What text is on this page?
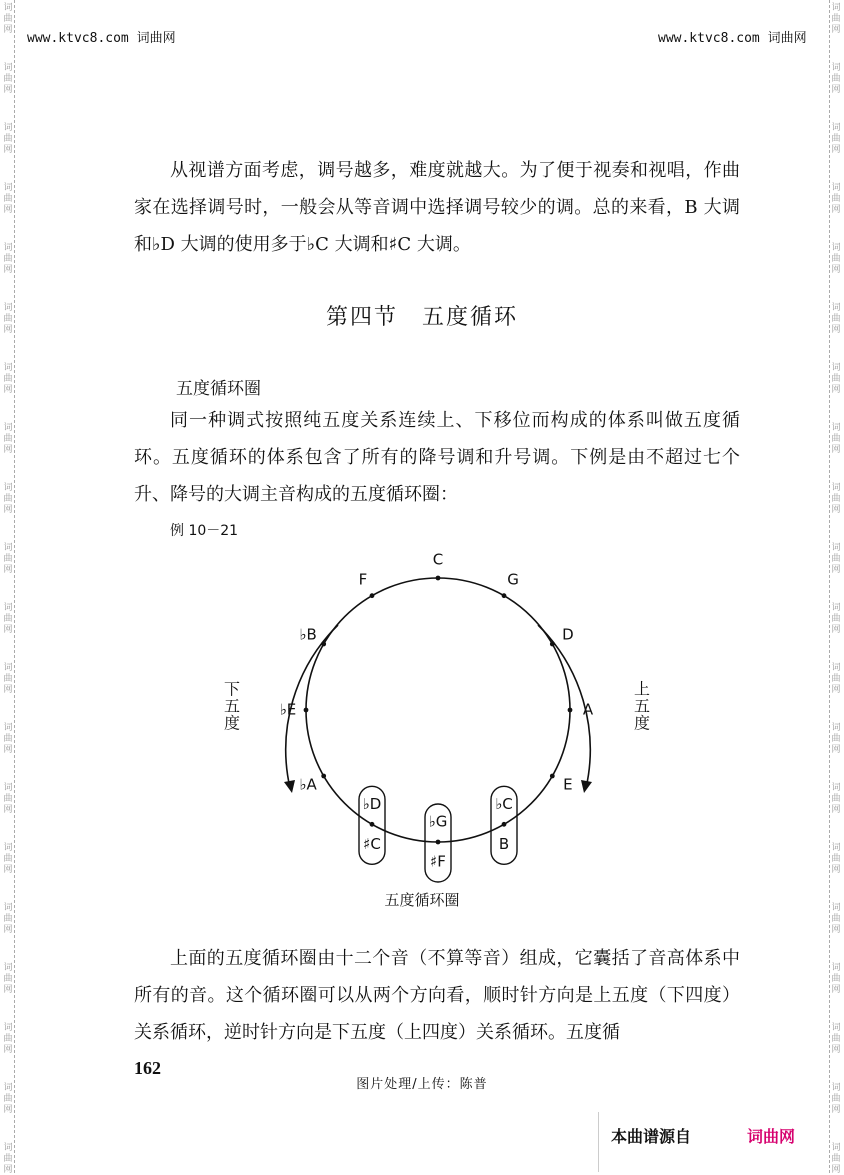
词
曲
网
词
曲
网
词
曲
网
词
曲
网
词
曲
网
词
曲
网
词
曲
网
词
曲
网
词
曲
网
词
曲
网
词
曲
网
词
曲
网
词
曲
网
词
曲
网
词
曲
网
词
曲
网
词
曲
网
词
曲
网
词
曲
网
词
曲
网
词
曲
网
词
曲
网
词
曲
网
词
曲
网
词
曲
网
词
曲
网
词
曲
网
词
曲
网
词
曲
网
词
曲
网
词
曲
网
词
曲
网
词
曲
网
词
曲
网
词
曲
网
词
曲
网
词
曲
网
词
曲
网
词
曲
网
词
曲
网
www.ktvc8.com 词曲网	www.ktvc8.com 词曲网

从视谱方面考虑，调号越多，难度就越大。为了便于视奏和视唱，作曲家在选择调号时，一般会从等音调中选择调号较少的调。总的来看，B 大调和♭D 大调的使用多于♭C 大调和♯C 大调。

第四节　五度循环
五度循环圈

同一种调式按照纯五度关系连续上、下移位而构成的体系叫做五度循环。五度循环的体系包含了所有的降号调和升号调。下例是由不超过七个升、降号的大调主音构成的五度循环圈：

例 10－21
C
G
D
A
E
♭A
♭E
♭B
F
♭C
B
♭G
♯F
♭D
♯C
下
五
度
上
五
度
五度循环圈

上面的五度循环圈由十二个音（不算等音）组成，它囊括了音高体系中所有的音。这个循环圈可以从两个方向看，顺时针方向是上五度（下四度）关系循环，逆时针方向是下五度（上四度）关系循环。五度循

162
图片处理/上传：陈普
本曲谱源自	词曲网
